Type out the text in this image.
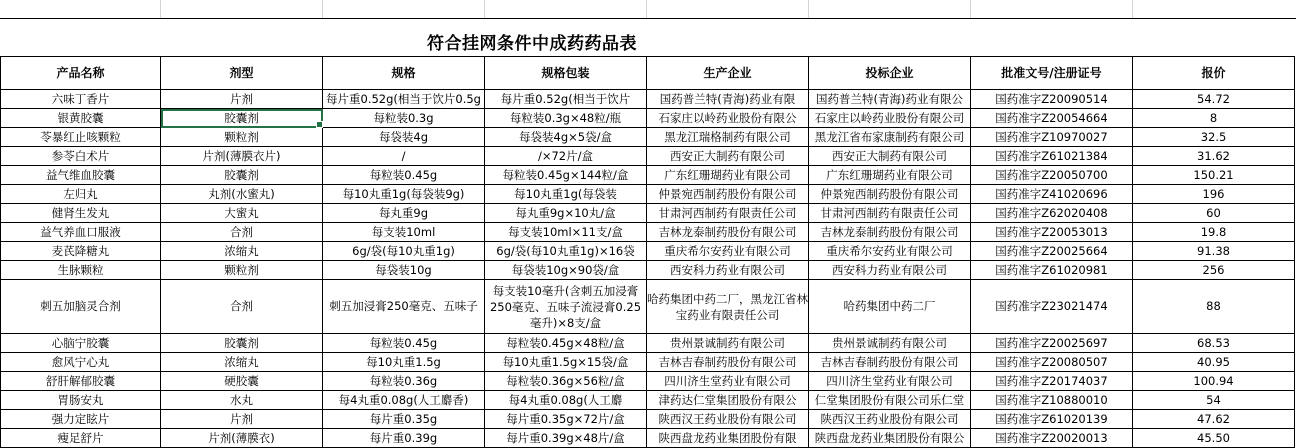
符合挂网条件中成药药品表
产品名称	剂型	规格	规格包装	生产企业	投标企业	批准文号/注册证号	报价
六味丁香片	片剂	每片重0.52g(相当于饮片0.5g	每片重0.52g(相当于饮片	国药普兰特(青海)药业有限	国药普兰特(青海)药业有限公	国药准字Z20090514	54.72
银黄胶囊	胶囊剂	每粒装0.3g	每粒装0.3g×48粒/瓶	石家庄以岭药业股份有限公	石家庄以岭药业股份有限公司	国药准字Z20054664	8
苓暴红止咳颗粒	颗粒剂	每袋装4g	每袋装4g×5袋/盒	黑龙江瑞格制药有限公司	黑龙江省布家康制药有限公司	国药准字Z10970027	32.5
参苓白术片	片剂(薄膜衣片)	/	/×72片/盒	西安正大制药有限公司	西安正大制药有限公司	国药准字Z61021384	31.62
益气维血胶囊	胶囊剂	每粒装0.45g	每粒装0.45g×144粒/盒	广东红珊瑚药业有限公司	广东红珊瑚药业有限公司	国药准字Z20050700	150.21
左归丸	丸剂(水蜜丸)	每10丸重1g(每袋装9g)	每10丸重1g(每袋装	仲景宛西制药股份有限公司	仲景宛西制药股份有限公司	国药准字Z41020696	196
健肾生发丸	大蜜丸	每丸重9g	每丸重9g×10丸/盒	甘肃河西制药有限责任公司	甘肃河西制药有限责任公司	国药准字Z62020408	60
益气养血口服液	合剂	每支装10ml	每支装10ml×11支/盒	吉林龙泰制药股份有限公司	吉林龙泰制药股份有限公司	国药准字Z20053013	19.8
麦芪降糖丸	浓缩丸	6g/袋(每10丸重1g)	6g/袋(每10丸重1g)×16袋	重庆希尔安药业有限公司	重庆希尔安药业有限公司	国药准字Z20025664	91.38
生脉颗粒	颗粒剂	每袋装10g	每袋装10g×90袋/盒	西安科力药业有限公司	西安科力药业有限公司	国药准字Z61020981	256
刺五加脑灵合剂	合剂	刺五加浸膏250毫克、五味子	每支装10毫升(含刺五加浸膏250毫克、五味子流浸膏0.25毫升)×8支/盒	哈药集团中药二厂，黑龙江省林宝药业有限责任公司	哈药集团中药二厂	国药准字Z23021474	88
心脑宁胶囊	胶囊剂	每粒装0.45g	每粒装0.45g×48粒/盒	贵州景诚制药有限公司	贵州景诚制药有限公司	国药准字Z20025697	68.53
愈风宁心丸	浓缩丸	每10丸重1.5g	每10丸重1.5g×15袋/盒	吉林吉春制药股份有限公司	吉林吉春制药股份有限公司	国药准字Z20080507	40.95
舒肝解郁胶囊	硬胶囊	每粒装0.36g	每粒装0.36g×56粒/盒	四川济生堂药业有限公司	四川济生堂药业有限公司	国药准字Z20174037	100.94
胃肠安丸	水丸	每4丸重0.08g(人工麝香)	每4丸重0.08g(人工麝	津药达仁堂集团股份有限公	仁堂集团股份有限公司乐仁堂	国药准字Z10880010	54
强力定眩片	片剂	每片重0.35g	每片重0.35g×72片/盒	陕西汉王药业股份有限公司	陕西汉王药业股份有限公司	国药准字Z61020139	47.62
瘦足舒片	片剂(薄膜衣)	每片重0.39g	每片重0.39g×48片/盒	陕西盘龙药业集团股份有限	陕西盘龙药业集团股份有限公	国药准字Z20020013	45.50
